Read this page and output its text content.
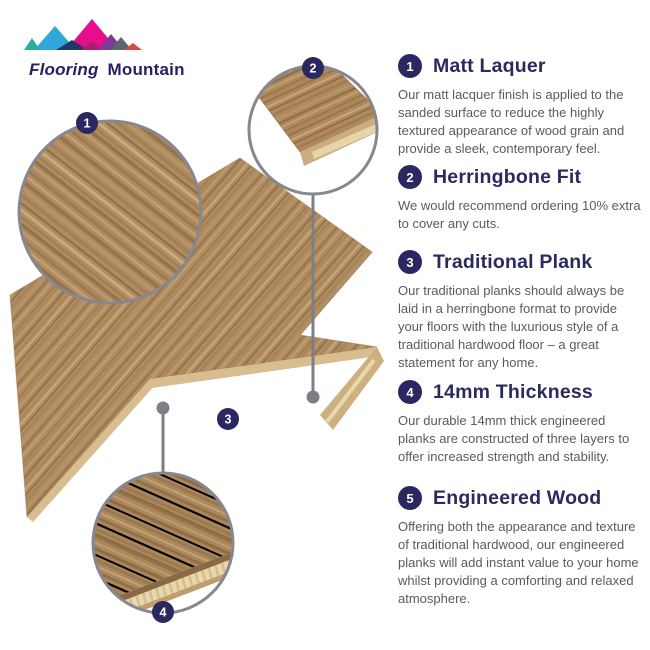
1
2
3
4
Flooring Mountain	1 Matt Laquer
Our matt lacquer finish is applied to the sanded surface to reduce the highly textured appearance of wood grain and provide a sleek, contemporary feel.
2 Herringbone Fit
We would recommend ordering 10% extra to cover any cuts.
3 Traditional Plank
Our traditional planks should always be laid in a herringbone format to provide your floors with the luxurious style of a traditional hardwood floor – a great statement for any home.
4 14mm Thickness
Our durable 14mm thick engineered planks are constructed of three layers to offer increased strength and stability.
5 Engineered Wood
Offering both the appearance and texture of traditional hardwood, our engineered planks will add instant value to your home whilst providing a comforting and relaxed atmosphere.
